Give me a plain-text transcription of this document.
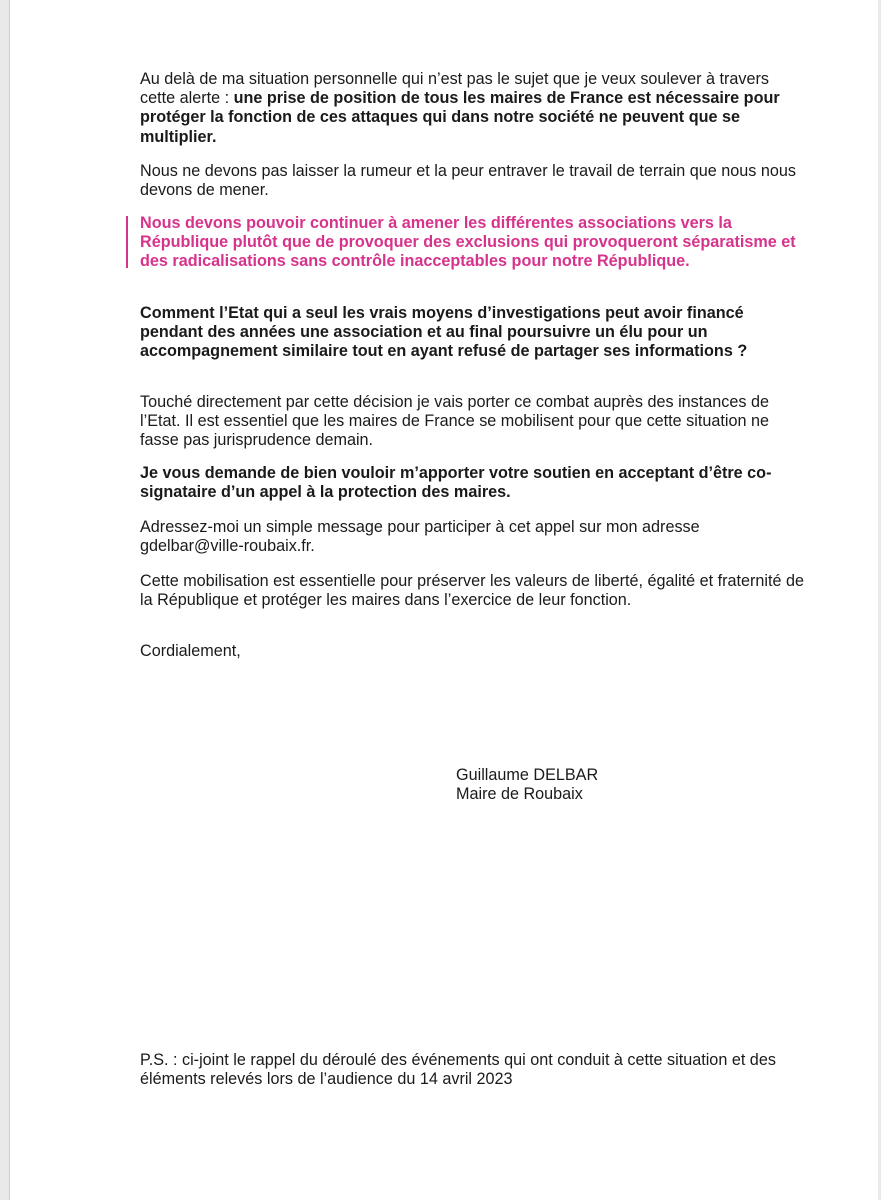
Au delà de ma situation personnelle qui n’est pas le sujet que je veux soulever à travers cette alerte : une prise de position de tous les maires de France est nécessaire pour protéger la fonction de ces attaques qui dans notre société ne peuvent que se multiplier.

Nous ne devons pas laisser la rumeur et la peur entraver le travail de terrain que nous nous devons de mener.

Nous devons pouvoir continuer à amener les différentes associations vers la République plutôt que de provoquer des exclusions qui provoqueront séparatisme et des radicalisations sans contrôle inacceptables pour notre République.

Comment l’Etat qui a seul les vrais moyens d’investigations peut avoir financé pendant des années une association et au final poursuivre un élu pour un accompagnement similaire tout en ayant refusé de partager ses informations ?

Touché directement par cette décision je vais porter ce combat auprès des instances de l’Etat. Il est essentiel que les maires de France se mobilisent pour que cette situation ne fasse pas jurisprudence demain.

Je vous demande de bien vouloir m’apporter votre soutien en acceptant d’être co-signataire d’un appel à la protection des maires.

Adressez-moi un simple message pour participer à cet appel sur mon adresse gdelbar@ville-roubaix.fr.

Cette mobilisation est essentielle pour préserver les valeurs de liberté, égalité et fraternité de la République et protéger les maires dans l’exercice de leur fonction.

Cordialement,

Guillaume DELBAR
Maire de Roubaix

P.S. : ci-joint le rappel du déroulé des événements qui ont conduit à cette situation et des éléments relevés lors de l’audience du 14 avril 2023
